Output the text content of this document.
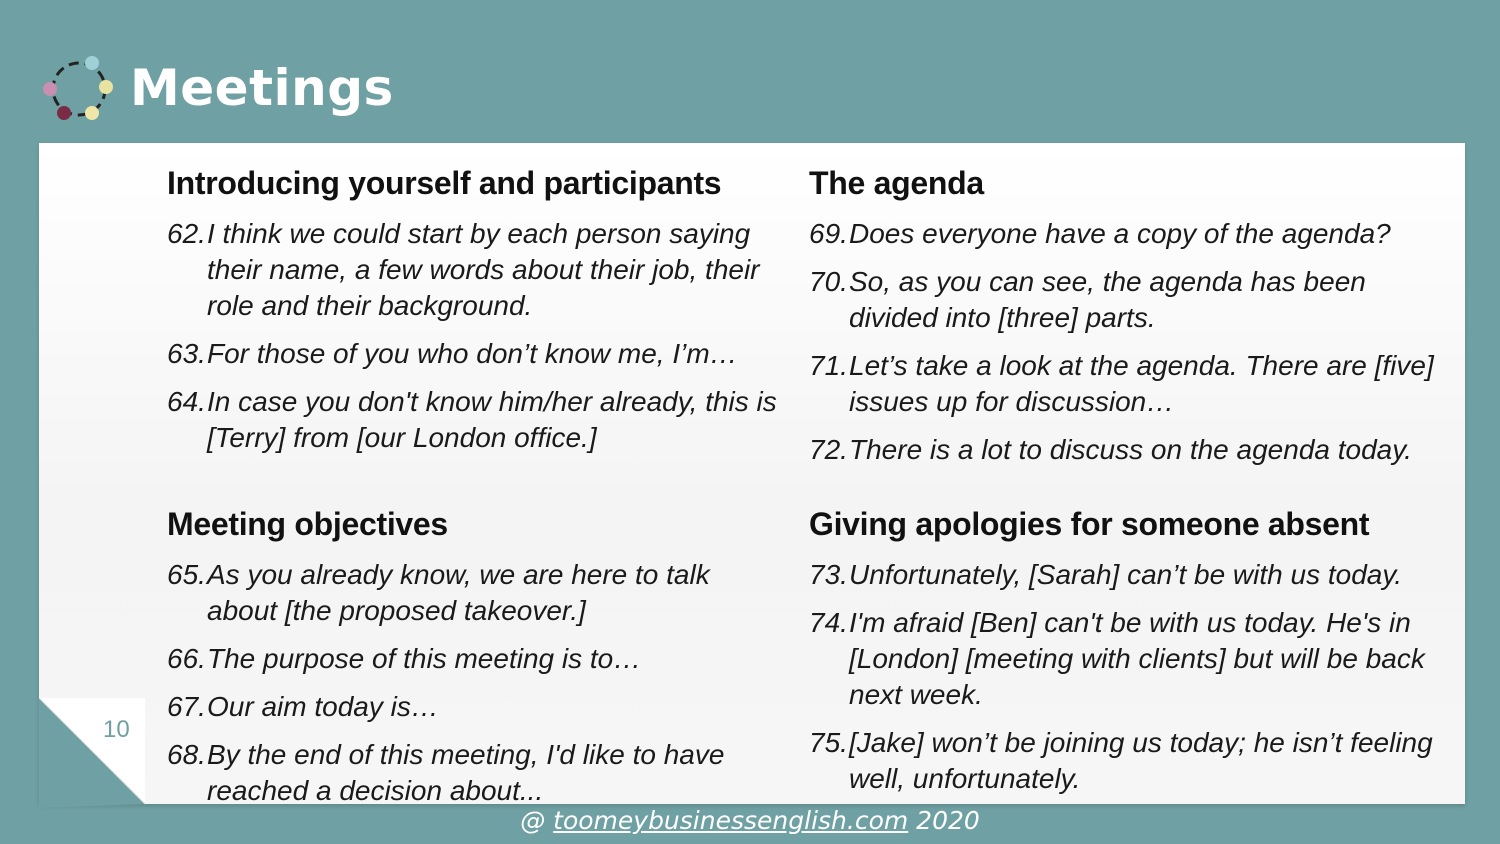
Meetings
10
Introducing yourself and participants
62. I think we could start by each person saying their name, a few words about their job, their role and their background.
63. For those of you who don’t know me, I’m…
64. In case you don't know him/her already, this is [Terry] from [our London office.]
Meeting objectives
65. As you already know, we are here to talk about [the proposed takeover.]
66. The purpose of this meeting is to…
67. Our aim today is…
68. By the end of this meeting, I'd like to have reached a decision about...
The agenda
69. Does everyone have a copy of the agenda?
70. So, as you can see, the agenda has been divided into [three] parts.
71. Let’s take a look at the agenda. There are [five] issues up for discussion…
72. There is a lot to discuss on the agenda today.
Giving apologies for someone absent
73. Unfortunately, [Sarah] can’t be with us today.
74. I'm afraid [Ben] can't be with us today. He's in [London] [meeting with clients] but will be back next week.
75. [Jake] won’t be joining us today; he isn’t feeling well, unfortunately.
@ toomeybusinessenglish.com 2020
